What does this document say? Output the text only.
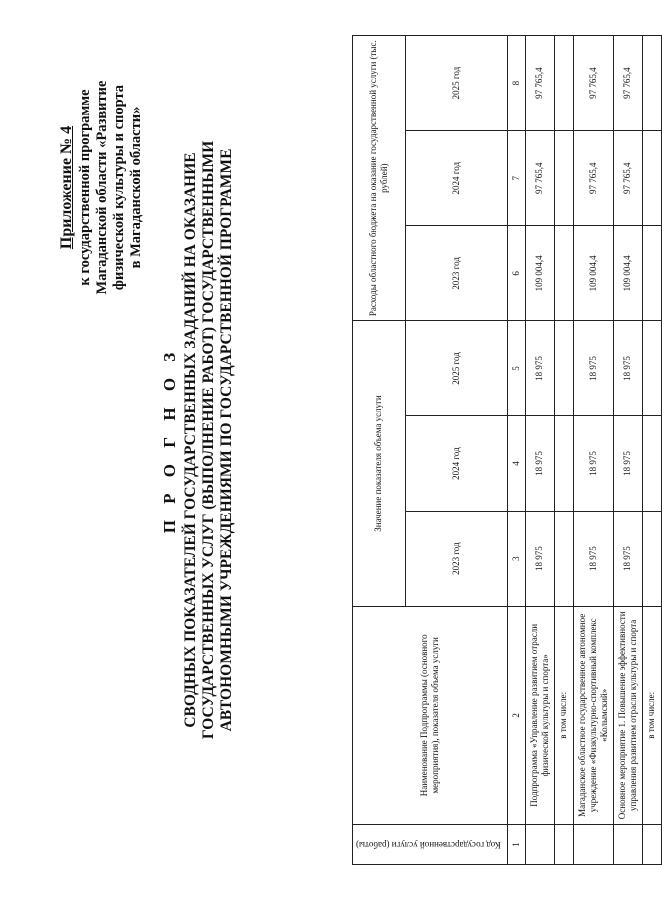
Приложение № 4 к государственной программе Магаданской области «Развитие физической культуры и спорта в Магаданской области»
П Р О Г Н О З СВОДНЫХ ПОКАЗАТЕЛЕЙ ГОСУДАРСТВЕННЫХ ЗАДАНИЙ НА ОКАЗАНИЕ ГОСУДАРСТВЕННЫХ УСЛУГ (ВЫПОЛНЕНИЕ РАБОТ) ГОСУДАРСТВЕННЫМИ АВТОНОМНЫМИ УЧРЕЖДЕНИЯМИ ПО ГОСУДАРСТВЕННОЙ ПРОГРАММЕ
Код государственной услуги (работы)	Наименование Подпрограммы (основного мероприятия), показателя объема услуги	Значение показателя объема услуги			Расходы областного бюджета на оказание государственной услуги (тыс. рублей)		
		2023 год	2024 год	2025 год	2023 год	2024 год	2025 год
1	2	3	4	5	6	7	8
	Подпрограмма «Управление развитием отрасли физической культуры и спорта»	18 975	18 975	18 975	109 004,4	97 765,4	97 765,4
	в том числе:						
	Магаданское областное государственное автономное учреждение «Физкультурно-спортивный комплекс «Колымский»	18 975	18 975	18 975	109 004,4	97 765,4	97 765,4
	Основное мероприятие 1. Повышение эффективности управления развитием отрасли культуры и спорта	18 975	18 975	18 975	109 004,4	97 765,4	97 765,4
	в том числе:						
